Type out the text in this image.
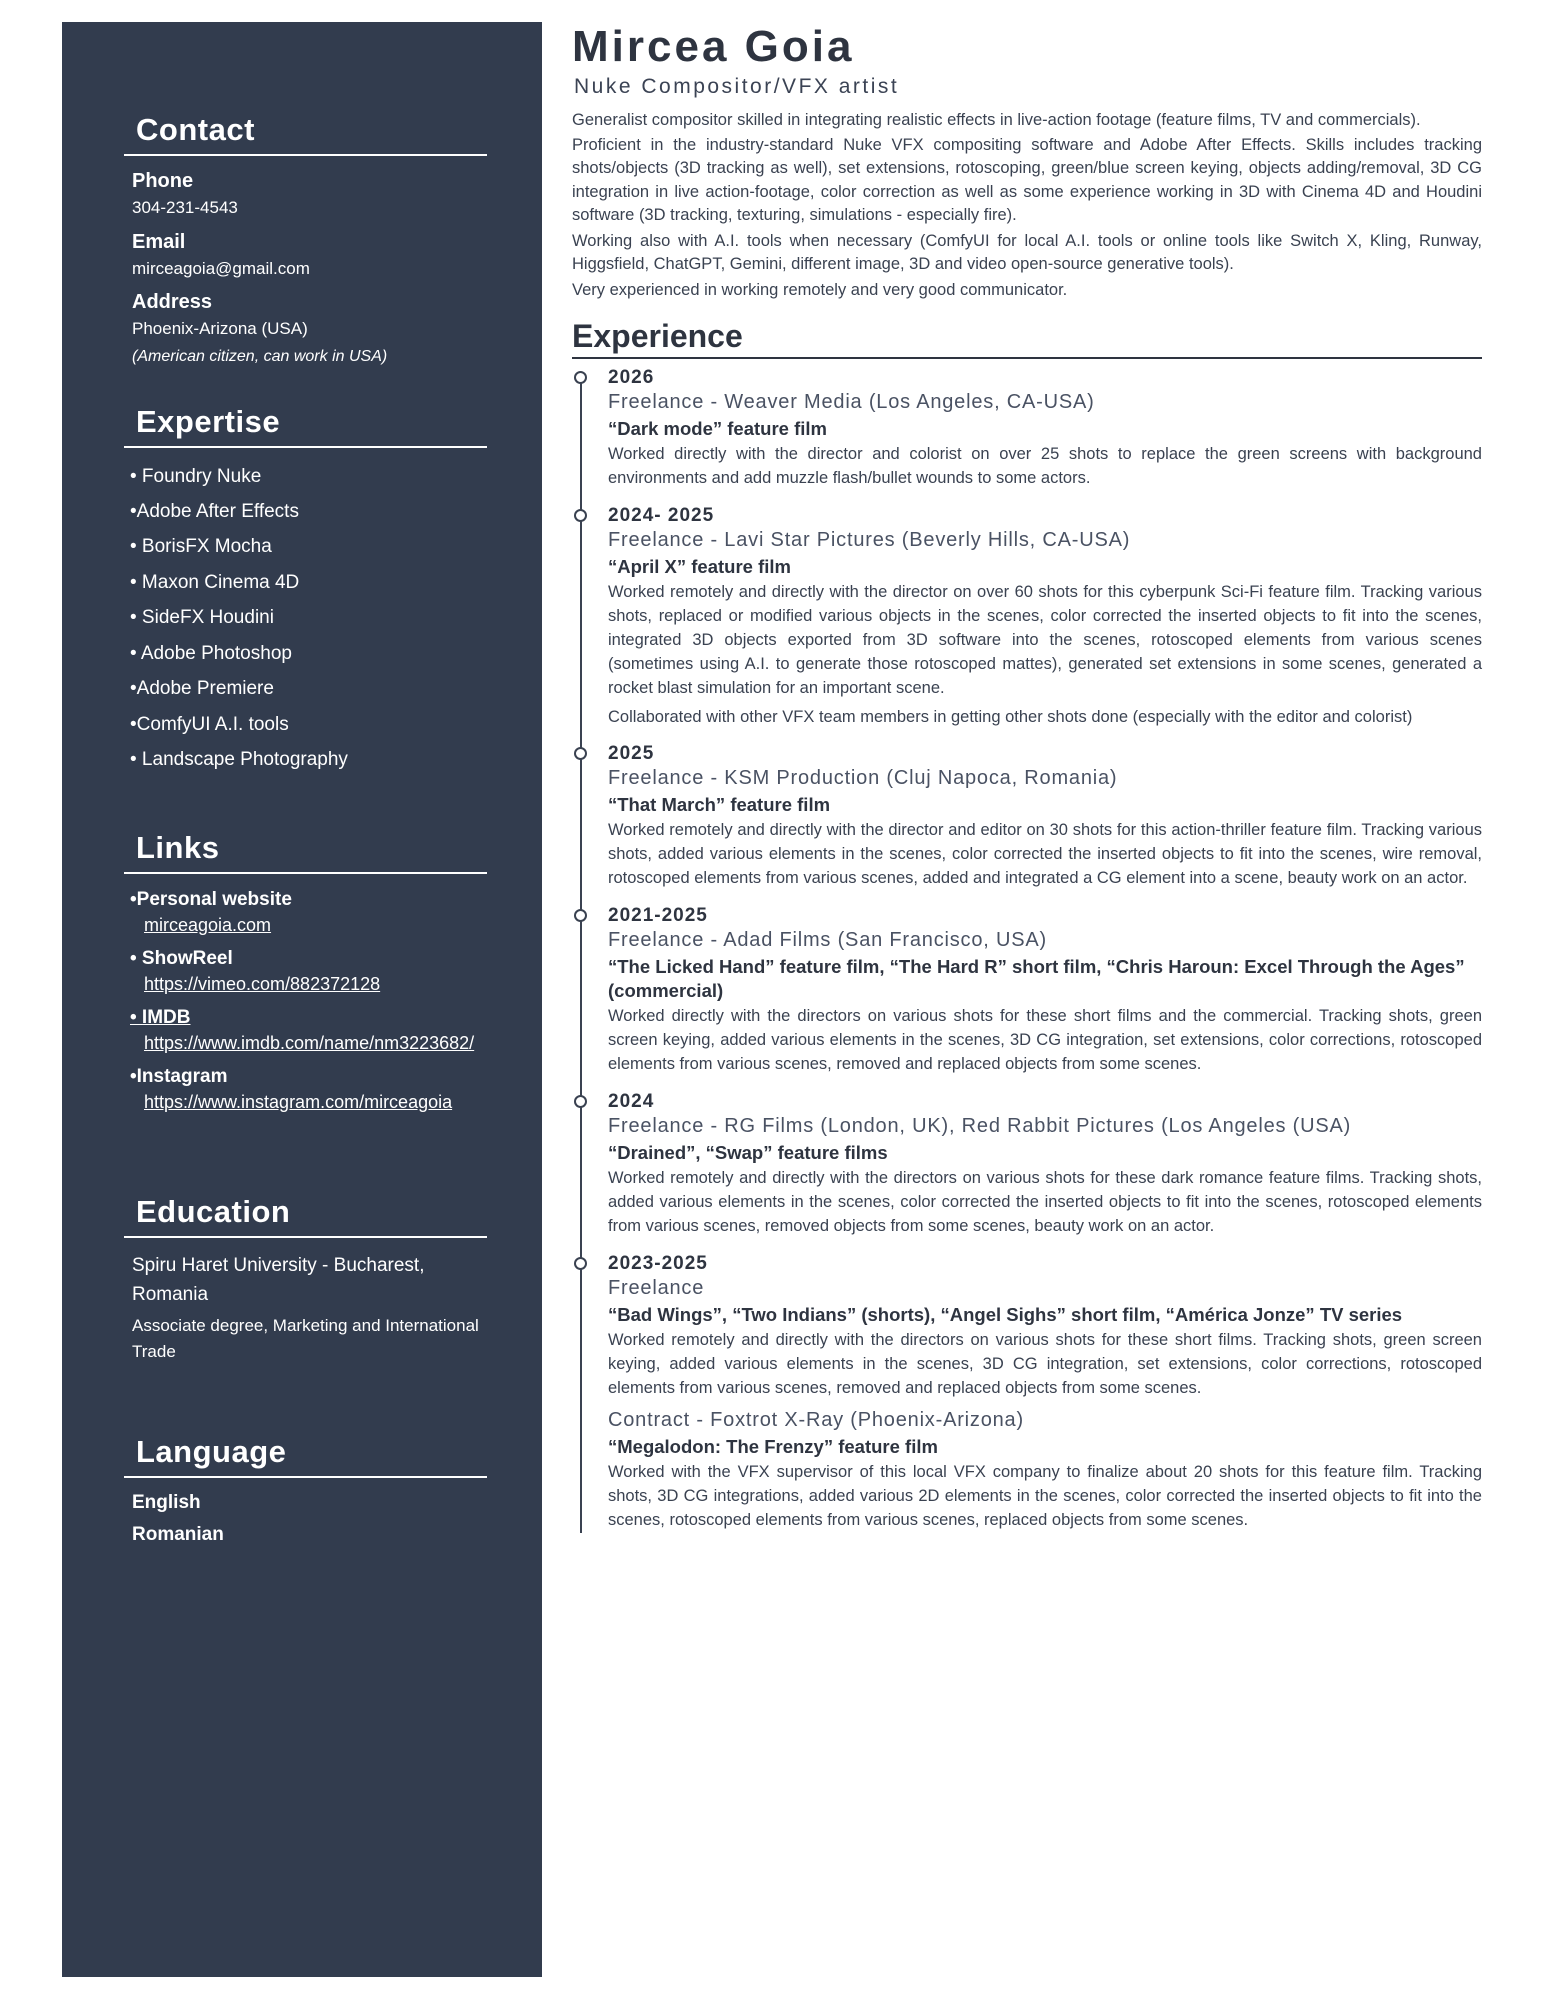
Contact
Phone
304-231-4543
Email
mirceagoia@gmail.com
Address
Phoenix-Arizona (USA)
(American citizen, can work in USA)
Expertise
• Foundry Nuke
•Adobe After Effects
• BorisFX Mocha
• Maxon Cinema 4D
• SideFX Houdini
• Adobe Photoshop
•Adobe Premiere
•ComfyUI A.I. tools
• Landscape Photography
Links
•Personal website
mirceagoia.com
• ShowReel
https://vimeo.com/882372128
• IMDB
https://www.imdb.com/name/nm3223682/
•Instagram
https://www.instagram.com/mirceagoia
Education
Spiru Haret University - Bucharest, Romania
Associate degree, Marketing and International Trade
Language
English
Romanian
Mircea Goia
Nuke Compositor/VFX artist

Generalist compositor skilled in integrating realistic effects in live-action footage (feature films, TV and commercials).

Proficient in the industry-standard Nuke VFX compositing software and Adobe After Effects. Skills includes tracking shots/objects (3D tracking as well), set extensions, rotoscoping, green/blue screen keying, objects adding/removal, 3D CG integration in live action-footage, color correction as well as some experience working in 3D with Cinema 4D and Houdini software (3D tracking, texturing, simulations - especially fire).

Working also with A.I. tools when necessary (ComfyUI for local A.I. tools or online tools like Switch X, Kling, Runway, Higgsfield, ChatGPT, Gemini, different image, 3D and video open-source generative tools).

Very experienced in working remotely and very good communicator.

Experience
2026
Freelance - Weaver Media (Los Angeles, CA-USA)
“Dark mode” feature film
Worked directly with the director and colorist on over 25 shots to replace the green screens with background environments and add muzzle flash/bullet wounds to some actors.
2024- 2025
Freelance - Lavi Star Pictures (Beverly Hills, CA-USA)
“April X” feature film
Worked remotely and directly with the director on over 60 shots for this cyberpunk Sci-Fi feature film. Tracking various shots, replaced or modified various objects in the scenes, color corrected the inserted objects to fit into the scenes, integrated 3D objects exported from 3D software into the scenes, rotoscoped elements from various scenes (sometimes using A.I. to generate those rotoscoped mattes), generated set extensions in some scenes, generated a rocket blast simulation for an important scene.
Collaborated with other VFX team members in getting other shots done (especially with the editor and colorist)
2025
Freelance - KSM Production (Cluj Napoca, Romania)
“That March” feature film
Worked remotely and directly with the director and editor on 30 shots for this action-thriller feature film. Tracking various shots, added various elements in the scenes, color corrected the inserted objects to fit into the scenes, wire removal, rotoscoped elements from various scenes, added and integrated a CG element into a scene, beauty work on an actor.
2021-2025
Freelance - Adad Films (San Francisco, USA)
“The Licked Hand” feature film, “The Hard R” short film, “Chris Haroun: Excel Through the Ages” (commercial)
Worked directly with the directors on various shots for these short films and the commercial. Tracking shots, green screen keying, added various elements in the scenes, 3D CG integration, set extensions, color corrections, rotoscoped elements from various scenes, removed and replaced objects from some scenes.
2024
Freelance - RG Films (London, UK), Red Rabbit Pictures (Los Angeles (USA)
“Drained”, “Swap” feature films
Worked remotely and directly with the directors on various shots for these dark romance feature films. Tracking shots, added various elements in the scenes, color corrected the inserted objects to fit into the scenes, rotoscoped elements from various scenes, removed objects from some scenes, beauty work on an actor.
2023-2025
Freelance
“Bad Wings”, “Two Indians” (shorts), “Angel Sighs” short film, “América Jonze” TV series
Worked remotely and directly with the directors on various shots for these short films. Tracking shots, green screen keying, added various elements in the scenes, 3D CG integration, set extensions, color corrections, rotoscoped elements from various scenes, removed and replaced objects from some scenes.
Contract - Foxtrot X-Ray (Phoenix-Arizona)
“Megalodon: The Frenzy” feature film
Worked with the VFX supervisor of this local VFX company to finalize about 20 shots for this feature film. Tracking shots, 3D CG integrations, added various 2D elements in the scenes, color corrected the inserted objects to fit into the scenes, rotoscoped elements from various scenes, replaced objects from some scenes.
